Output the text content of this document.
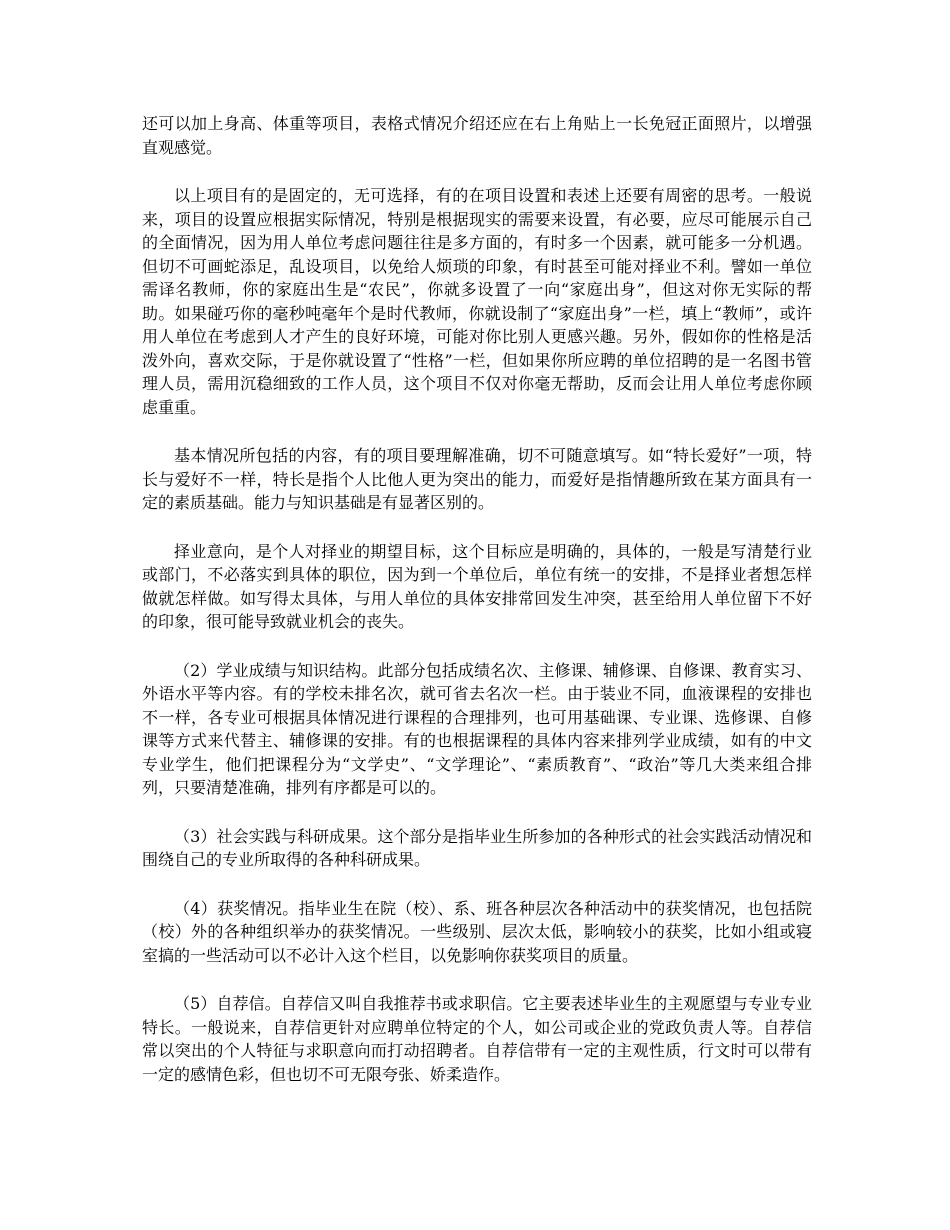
还可以加上身高、体重等项目，表格式情况介绍还应在右上角贴上一长免冠正面照片，以增强直观感觉。

以上项目有的是固定的，无可选择，有的在项目设置和表述上还要有周密的思考。一般说来，项目的设置应根据实际情况，特别是根据现实的需要来设置，有必要，应尽可能展示自己的全面情况，因为用人单位考虑问题往往是多方面的，有时多一个因素，就可能多一分机遇。但切不可画蛇添足，乱设项目，以免给人烦琐的印象，有时甚至可能对择业不利。譬如一单位需译名教师，你的家庭出生是“农民”，你就多设置了一向“家庭出身”，但这对你无实际的帮助。如果碰巧你的毫秒吨毫年个是时代教师，你就设制了“家庭出身”一栏，填上“教师”，或许用人单位在考虑到人才产生的良好环境，可能对你比别人更感兴趣。另外，假如你的性格是活泼外向，喜欢交际，于是你就设置了“性格”一栏，但如果你所应聘的单位招聘的是一名图书管理人员，需用沉稳细致的工作人员，这个项目不仅对你毫无帮助，反而会让用人单位考虑你顾虑重重。

基本情况所包括的内容，有的项目要理解准确，切不可随意填写。如“特长爱好”一项，特长与爱好不一样，特长是指个人比他人更为突出的能力，而爱好是指情趣所致在某方面具有一定的素质基础。能力与知识基础是有显著区别的。

择业意向，是个人对择业的期望目标，这个目标应是明确的，具体的，一般是写清楚行业或部门，不必落实到具体的职位，因为到一个单位后，单位有统一的安排，不是择业者想怎样做就怎样做。如写得太具体，与用人单位的具体安排常回发生冲突，甚至给用人单位留下不好的印象，很可能导致就业机会的丧失。

（2）学业成绩与知识结构。此部分包括成绩名次、主修课、辅修课、自修课、教育实习、外语水平等内容。有的学校未排名次，就可省去名次一栏。由于装业不同，血液课程的安排也不一样，各专业可根据具体情况进行课程的合理排列，也可用基础课、专业课、选修课、自修课等方式来代替主、辅修课的安排。有的也根据课程的具体内容来排列学业成绩，如有的中文专业学生，他们把课程分为“文学史”、“文学理论”、“素质教育”、“政治”等几大类来组合排列，只要清楚准确，排列有序都是可以的。

（3）社会实践与科研成果。这个部分是指毕业生所参加的各种形式的社会实践活动情况和围绕自己的专业所取得的各种科研成果。

（4）获奖情况。指毕业生在院（校）、系、班各种层次各种活动中的获奖情况，也包括院（校）外的各种组织举办的获奖情况。一些级别、层次太低，影响较小的获奖，比如小组或寝室搞的一些活动可以不必计入这个栏目，以免影响你获奖项目的质量。

（5）自荐信。自荐信又叫自我推荐书或求职信。它主要表述毕业生的主观愿望与专业专业特长。一般说来，自荐信更针对应聘单位特定的个人，如公司或企业的党政负责人等。自荐信常以突出的个人特征与求职意向而打动招聘者。自荐信带有一定的主观性质，行文时可以带有一定的感情色彩，但也切不可无限夸张、娇柔造作。
